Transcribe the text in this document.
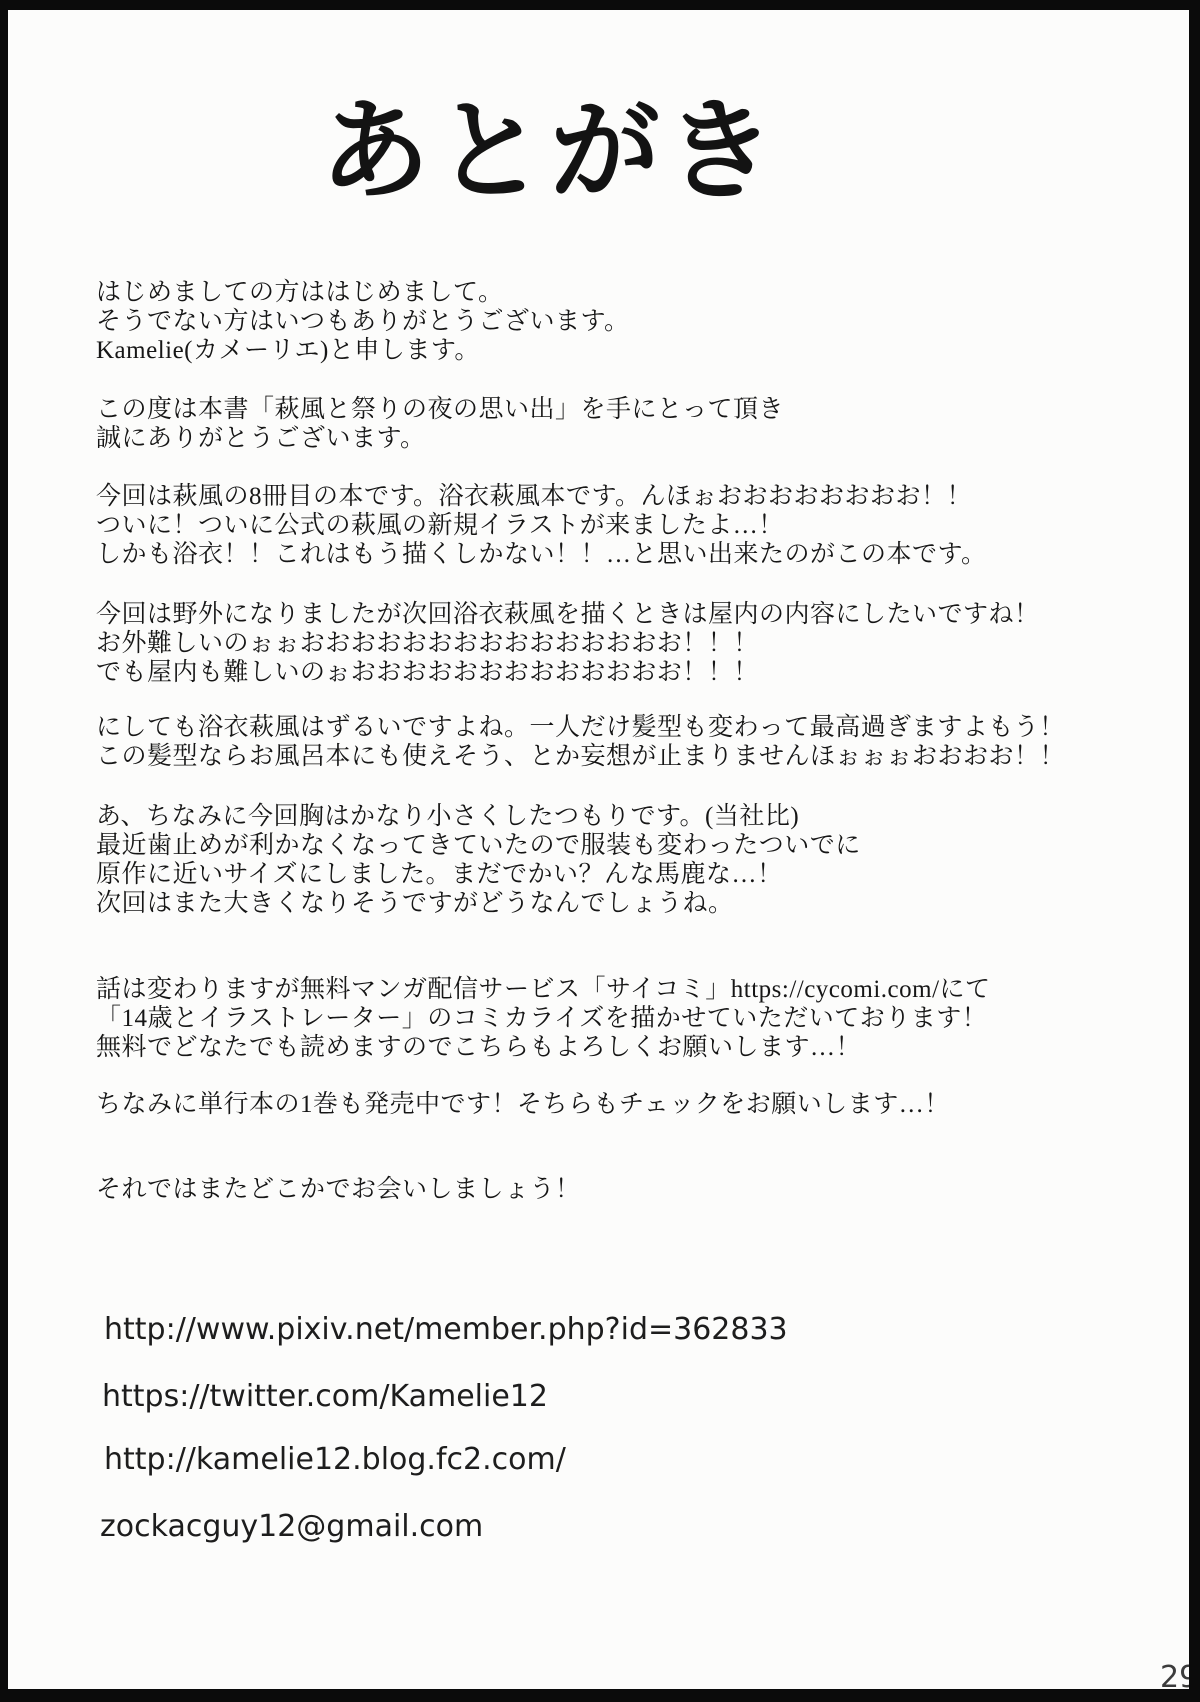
あとがき
はじめましての方ははじめまして。
そうでない方はいつもありがとうございます。
Kamelie(カメーリエ)と申します。
この度は本書「萩風と祭りの夜の思い出」を手にとって頂き
誠にありがとうございます。
今回は萩風の8冊目の本です。浴衣萩風本です。んほぉおおおおおおおお！！
ついに！ついに公式の萩風の新規イラストが来ましたよ…！
しかも浴衣！！これはもう描くしかない！！…と思い出来たのがこの本です。
今回は野外になりましたが次回浴衣萩風を描くときは屋内の内容にしたいですね！
お外難しいのぉぉおおおおおおおおおおおおおおお！！！
でも屋内も難しいのぉおおおおおおおおおおおおお！！！
にしても浴衣萩風はずるいですよね。一人だけ髪型も変わって最高過ぎますよもう！
この髪型ならお風呂本にも使えそう、とか妄想が止まりませんほぉぉぉおおおお！！
あ、ちなみに今回胸はかなり小さくしたつもりです。(当社比)
最近歯止めが利かなくなってきていたので服装も変わったついでに
原作に近いサイズにしました。まだでかい？んな馬鹿な…！
次回はまた大きくなりそうですがどうなんでしょうね。
話は変わりますが無料マンガ配信サービス「サイコミ」https://cycomi.com/にて
「14歳とイラストレーター」のコミカライズを描かせていただいております！
無料でどなたでも読めますのでこちらもよろしくお願いします…！
ちなみに単行本の1巻も発売中です！そちらもチェックをお願いします…！
それではまたどこかでお会いしましょう！
http://www.pixiv.net/member.php?id=362833
https://twitter.com/Kamelie12
http://kamelie12.blog.fc2.com/
zockacguy12@gmail.com
29
